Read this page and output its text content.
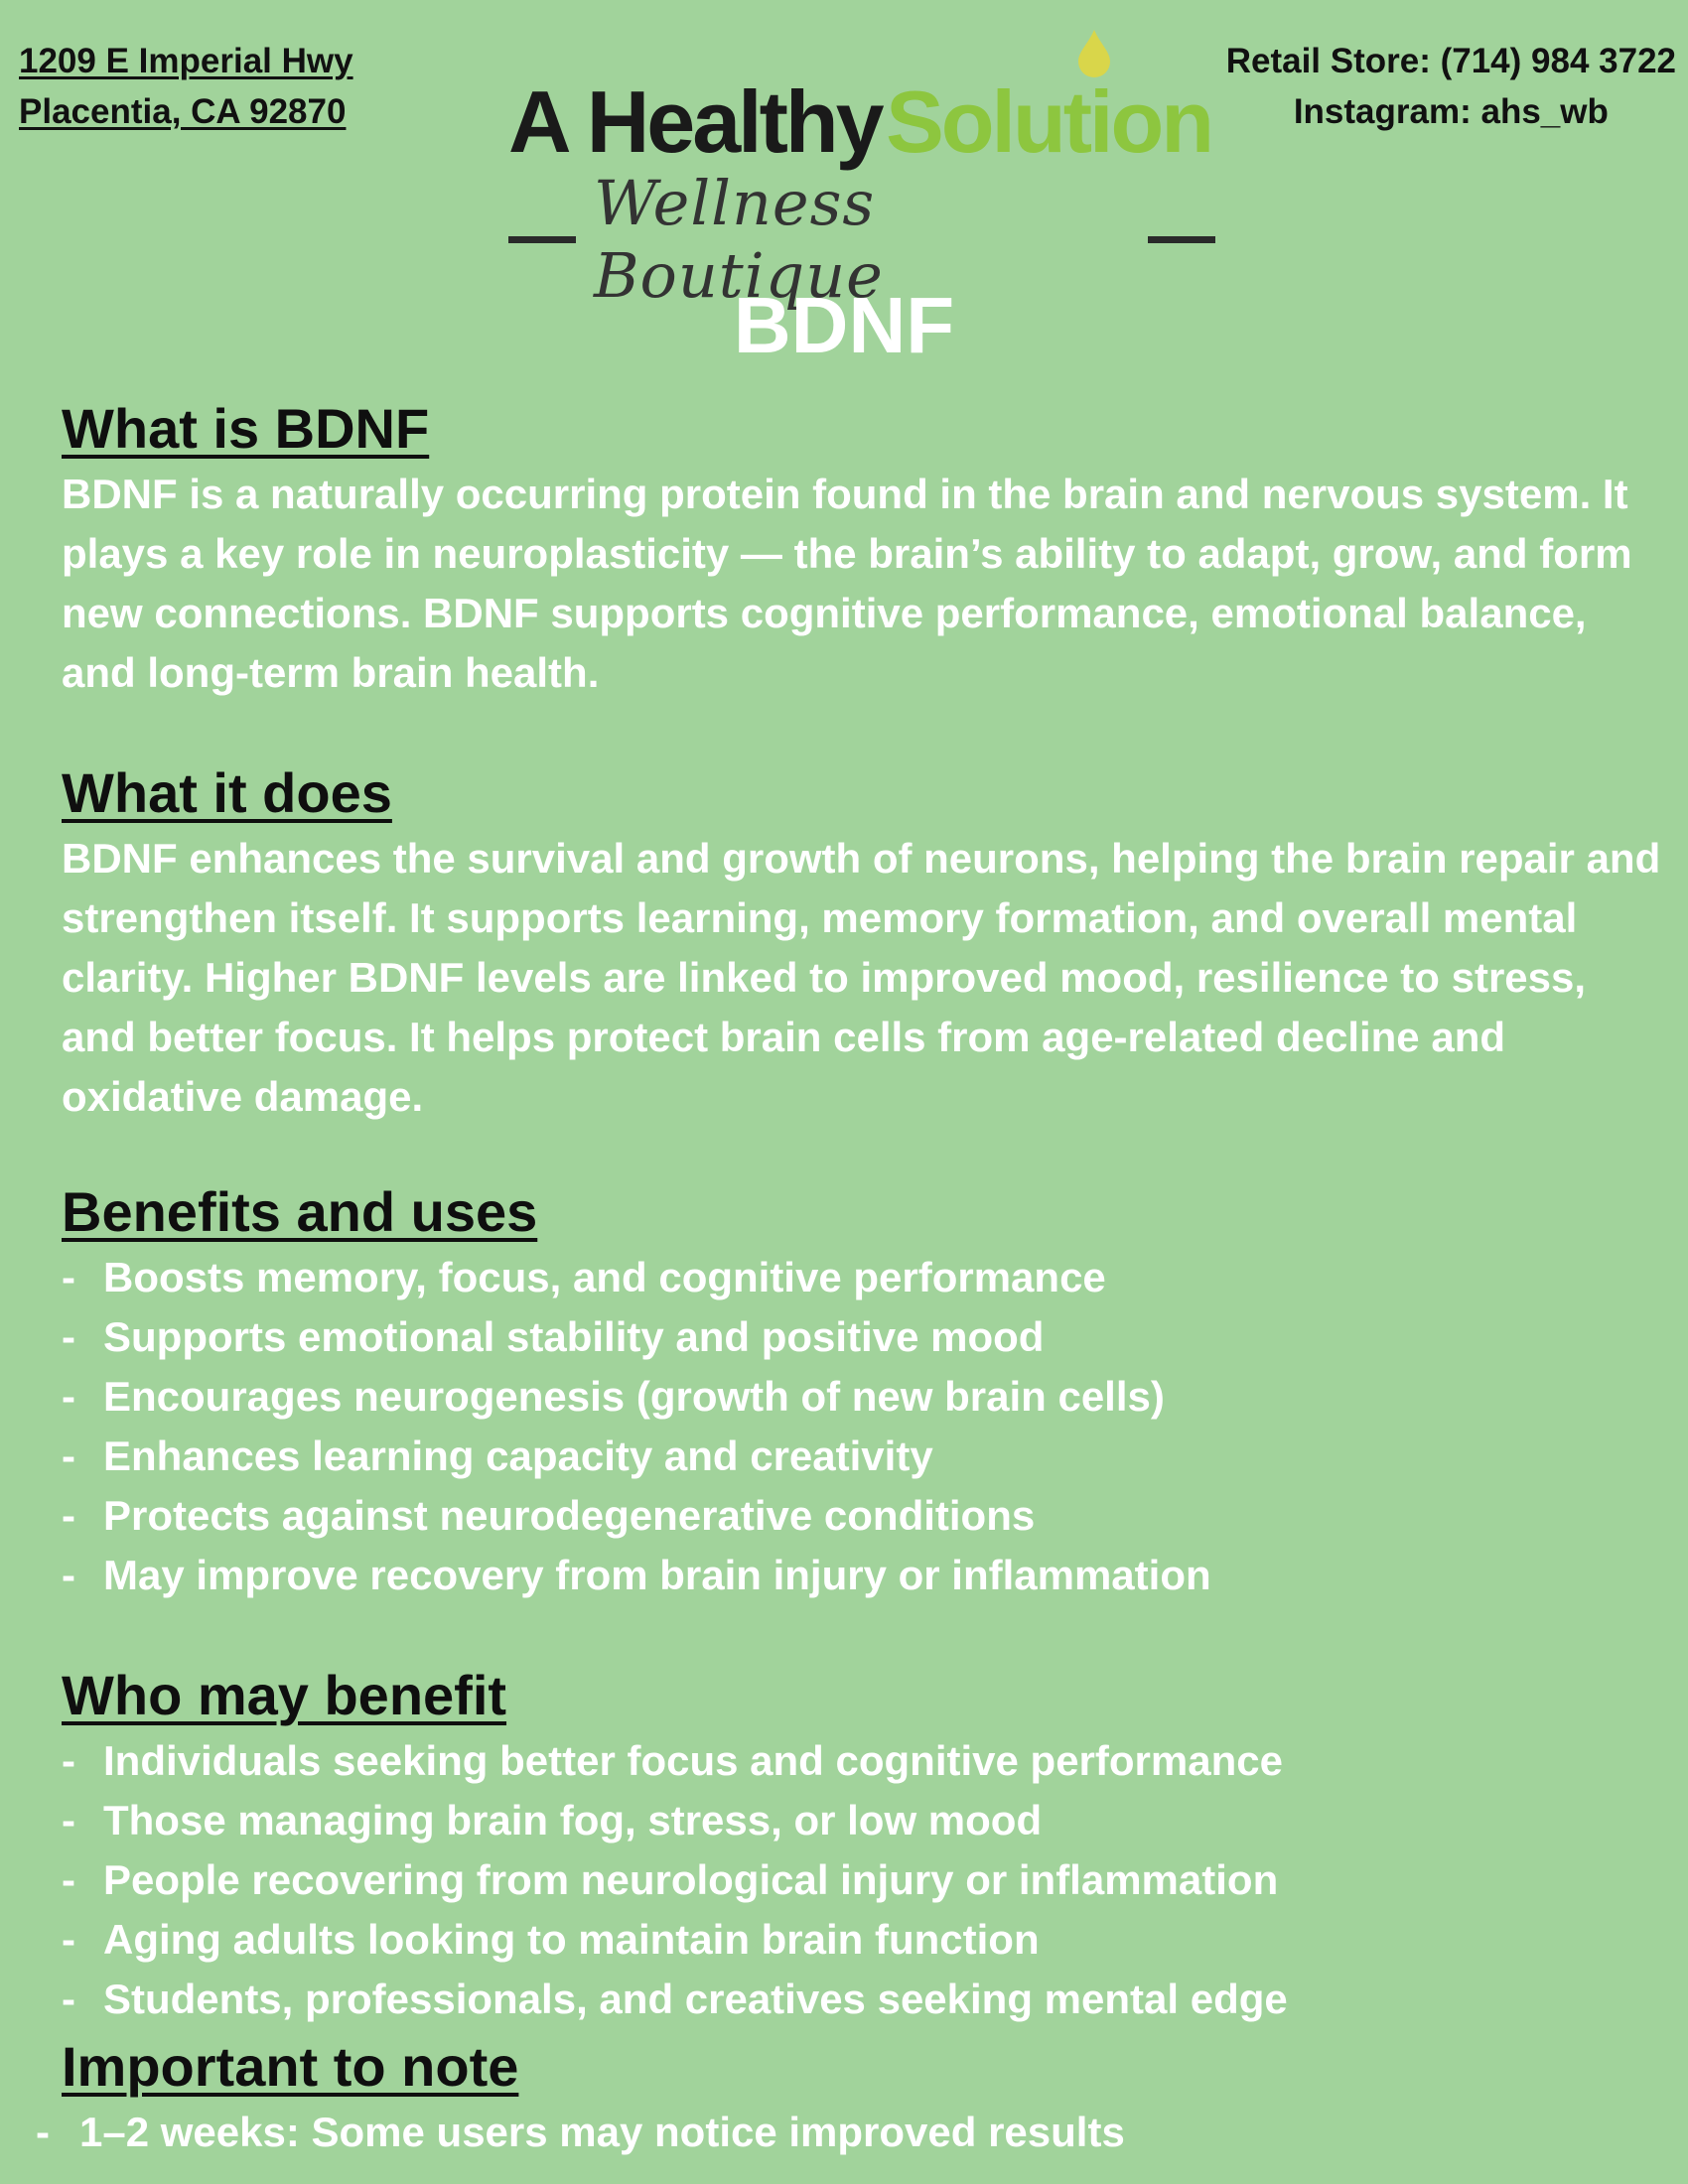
1209 E Imperial Hwy
Placentia, CA 92870 A Healthy Solution
Wellness Boutique
Retail Store: (714) 984 3722
Instagram: ahs_wb
BDNF
What is BDNF
BDNF is a naturally occurring protein found in the brain and nervous system. It plays a key role in neuroplasticity — the brain’s ability to adapt, grow, and form new connections. BDNF supports cognitive performance, emotional balance, and long-term brain health.
What it does
BDNF enhances the survival and growth of neurons, helping the brain repair and strengthen itself. It supports learning, memory formation, and overall mental clarity. Higher BDNF levels are linked to improved mood, resilience to stress, and better focus. It helps protect brain cells from age-related decline and oxidative damage.
Benefits and uses
- Boosts memory, focus, and cognitive performance
- Supports emotional stability and positive mood
- Encourages neurogenesis (growth of new brain cells)
- Enhances learning capacity and creativity
- Protects against neurodegenerative conditions
- May improve recovery from brain injury or inflammation
Who may benefit
- Individuals seeking better focus and cognitive performance
- Those managing brain fog, stress, or low mood
- People recovering from neurological injury or inflammation
- Aging adults looking to maintain brain function
- Students, professionals, and creatives seeking mental edge
Important to note
- 1–2 weeks: Some users may notice improved results
